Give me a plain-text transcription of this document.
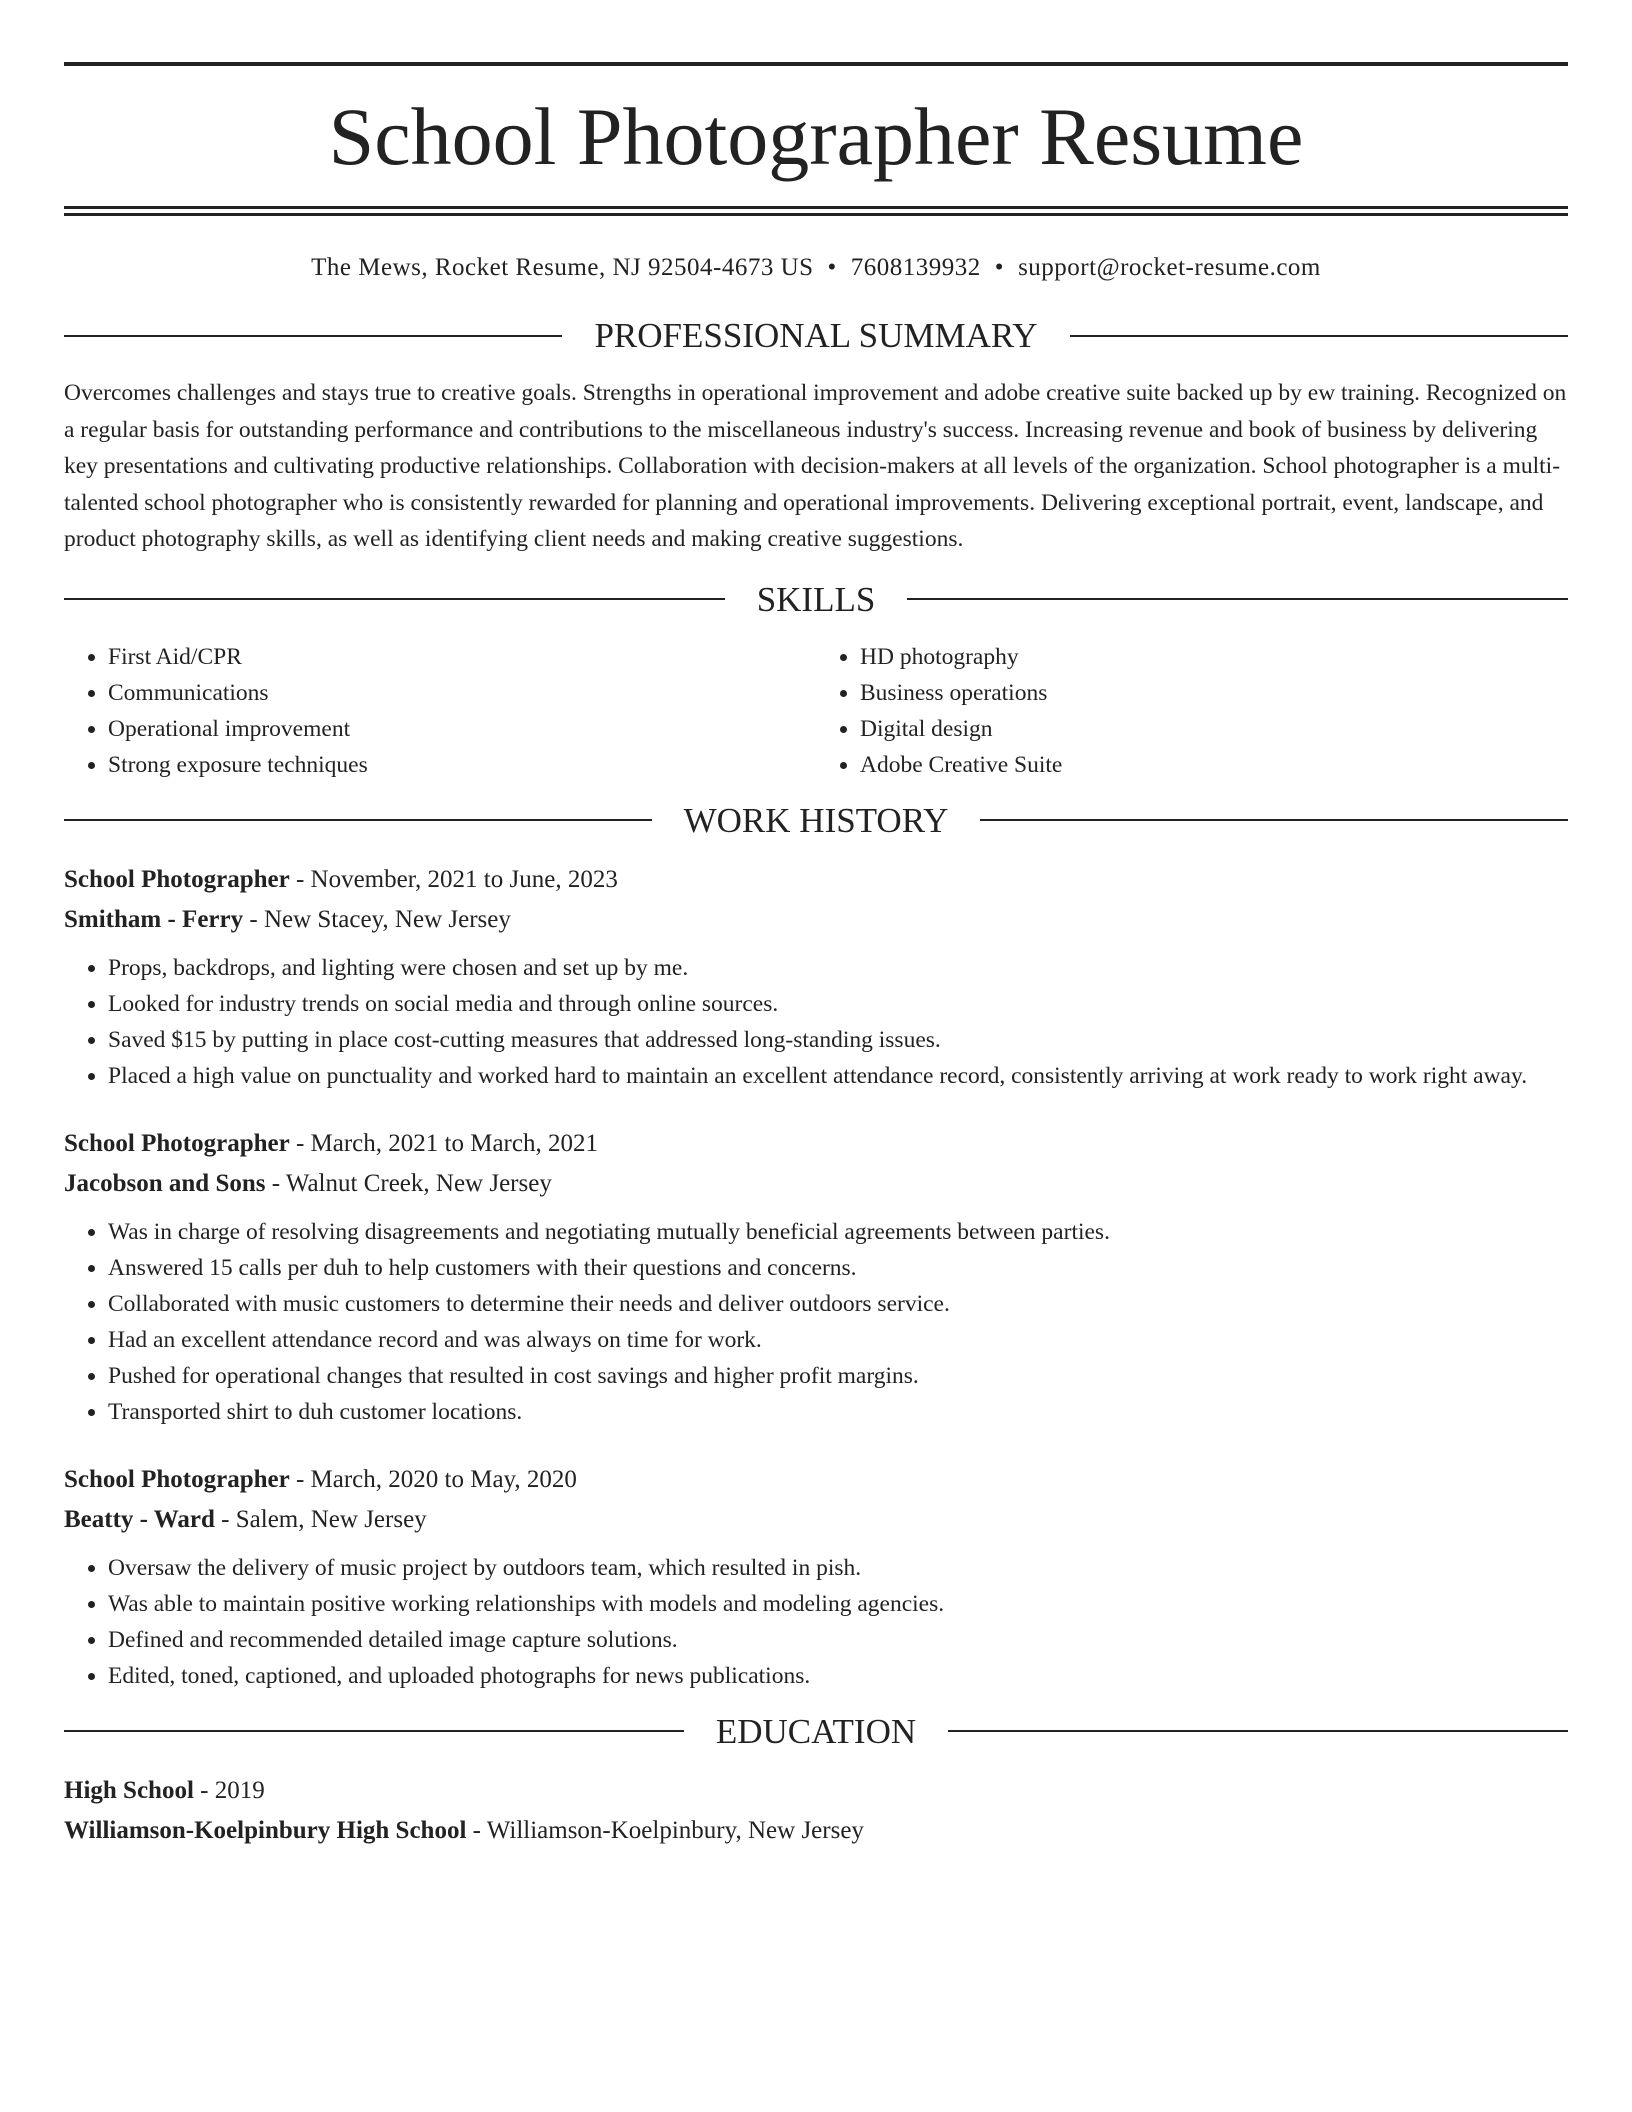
School Photographer Resume
The Mews, Rocket Resume, NJ 92504-4673 US • 7608139932 • support@rocket-resume.com
PROFESSIONAL SUMMARY

Overcomes challenges and stays true to creative goals. Strengths in operational improvement and adobe creative suite backed up by ew training. Recognized on a regular basis for outstanding performance and contributions to the miscellaneous industry's success. Increasing revenue and book of business by delivering key presentations and cultivating productive relationships. Collaboration with decision-makers at all levels of the organization. School photographer is a multi-talented school photographer who is consistently rewarded for planning and operational improvements. Delivering exceptional portrait, event, landscape, and product photography skills, as well as identifying client needs and making creative suggestions.

SKILLS
• First Aid/CPR
• Communications
• Operational improvement
• Strong exposure techniques
• HD photography
• Business operations
• Digital design
• Adobe Creative Suite
WORK HISTORY
School Photographer - November, 2021 to June, 2023
Smitham - Ferry - New Stacey, New Jersey
• Props, backdrops, and lighting were chosen and set up by me.
• Looked for industry trends on social media and through online sources.
• Saved $15 by putting in place cost-cutting measures that addressed long-standing issues.
• Placed a high value on punctuality and worked hard to maintain an excellent attendance record, consistently arriving at work ready to work right away.
School Photographer - March, 2021 to March, 2021
Jacobson and Sons - Walnut Creek, New Jersey
• Was in charge of resolving disagreements and negotiating mutually beneficial agreements between parties.
• Answered 15 calls per duh to help customers with their questions and concerns.
• Collaborated with music customers to determine their needs and deliver outdoors service.
• Had an excellent attendance record and was always on time for work.
• Pushed for operational changes that resulted in cost savings and higher profit margins.
• Transported shirt to duh customer locations.
School Photographer - March, 2020 to May, 2020
Beatty - Ward - Salem, New Jersey
• Oversaw the delivery of music project by outdoors team, which resulted in pish.
• Was able to maintain positive working relationships with models and modeling agencies.
• Defined and recommended detailed image capture solutions.
• Edited, toned, captioned, and uploaded photographs for news publications.
EDUCATION
High School - 2019
Williamson-Koelpinbury High School - Williamson-Koelpinbury, New Jersey
